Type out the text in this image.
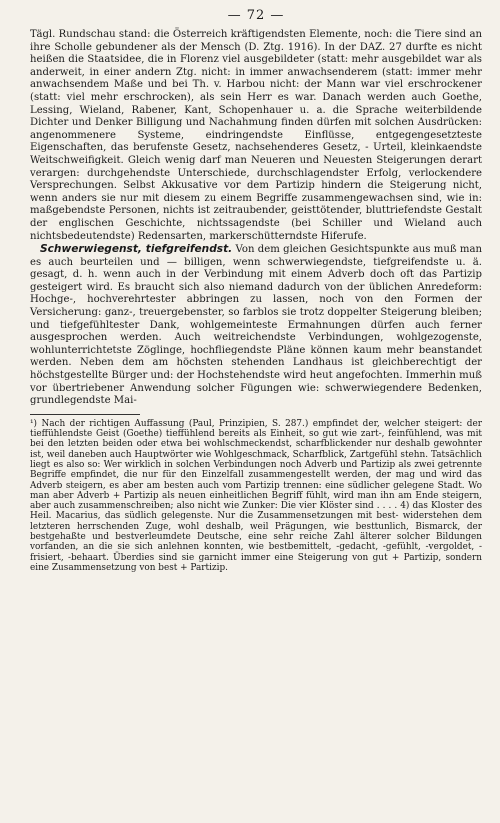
— 72 —

Tägl. Rundschau stand: die Österreich kräftigendsten Elemente, noch: die Tiere sind an ihre Scholle gebundener als der Mensch (D. Ztg. 1916). In der DAZ. 27 durfte es nicht heißen die Staatsidee, die in Florenz viel ausgebildeter (statt: mehr ausgebildet war als anderweit, in einer andern Ztg. nicht: in immer anwachsenderem (statt: immer mehr anwachsendem Maße und bei Th. v. Harbou nicht: der Mann war viel erschrockener (statt: viel mehr erschrocken), als sein Herr es war. Danach werden auch Goethe, Lessing, Wieland, Rabener, Kant, Schopenhauer u. a. die Sprache weiterbildende Dichter und Denker Billigung und Nachahmung finden dürfen mit solchen Ausdrücken: angenommenere Systeme, eindringendste Einflüsse, entgegengesetzteste Eigenschaften, das berufenste Gesetz, nachsehenderes Gesetz, - Urteil, kleinkaendste Weitschweifigkeit. Gleich wenig darf man Neueren und Neuesten Steigerungen derart verargen: durchgehendste Unterschiede, durchschlagendster Erfolg, verlockendere Versprechungen. Selbst Akkusative vor dem Partizip hindern die Steigerung nicht, wenn anders sie nur mit diesem zu einem Begriffe zusammengewachsen sind, wie in: maßgebendste Personen, nichts ist zeitraubender, geisttötender, bluttriefendste Gestalt der englischen Geschichte, nichtssagendste (bei Schiller und Wieland auch nichtsbedeutendste) Redensarten, markerschütterndste Hiferufe.

Schwerwiegenst, tiefgreifendst. Von dem gleichen Gesichtspunkte aus muß man es auch beurteilen und — billigen, wenn schwerwiegendste, tiefgreifendste u. ä. gesagt, d. h. wenn auch in der Verbindung mit einem Adverb doch oft das Partizip gesteigert wird. Es braucht sich also niemand dadurch von der üblichen Anredeform: Hochge-, hochverehrtester abbringen zu lassen, noch von den Formen der Versicherung: ganz-, treuergebenster, so farblos sie trotz doppelter Steigerung bleiben; und tiefgefühltester Dank, wohlgemeinteste Ermahnungen dürfen auch ferner ausgesprochen werden. Auch weitreichendste Verbindungen, wohlgezogenste, wohlunterrichtetste Zöglinge, hochfliegendste Pläne können kaum mehr beanstandet werden. Neben dem am höchsten stehenden Landhaus ist gleichberechtigt der höchstgestellte Bürger und: der Hochstehendste wird heut angefochten. Immerhin muß vor übertriebener Anwendung solcher Fügungen wie: schwerwiegendere Bedenken, grundlegendste Mai-

¹) Nach der richtigen Auffassung (Paul, Prinzipien, S. 287.) empfindet der, welcher steigert: der tieffühlendste Geist (Goethe) tieffühlend bereits als Einheit, so gut wie zart-, feinfühlend, was mit bei den letzten beiden oder etwa bei wohlschmeckendst, scharfblickender nur deshalb gewohnter ist, weil daneben auch Hauptwörter wie Wohlgeschmack, Scharfblick, Zartgefühl stehn. Tatsächlich liegt es also so: Wer wirklich in solchen Verbindungen noch Adverb und Partizip als zwei getrennte Begriffe empfindet, die nur für den Einzelfall zusammengestellt werden, der mag und wird das Adverb steigern, es aber am besten auch vom Partizip trennen: eine südlicher gelegene Stadt. Wo man aber Adverb + Partizip als neuen einheitlichen Begriff fühlt, wird man ihn am Ende steigern, aber auch zusammenschreiben; also nicht wie Zunker: Die vier Klöster sind . . . . 4) das Kloster des Heil. Macarius, das südlich gelegenste. Nur die Zusammensetzungen mit best- widerstehen dem letzteren herrschenden Zuge, wohl deshalb, weil Prägungen, wie besttunlich, Bismarck, der bestgehaßte und bestverleumdete Deutsche, eine sehr reiche Zahl älterer solcher Bildungen vorfanden, an die sie sich anlehnen konnten, wie bestbemittelt, -gedacht, -gefühlt, -vergoldet, -frisiert, -behaart. Überdies sind sie garnicht immer eine Steigerung von gut + Partizip, sondern eine Zusammensetzung von best + Partizip.
